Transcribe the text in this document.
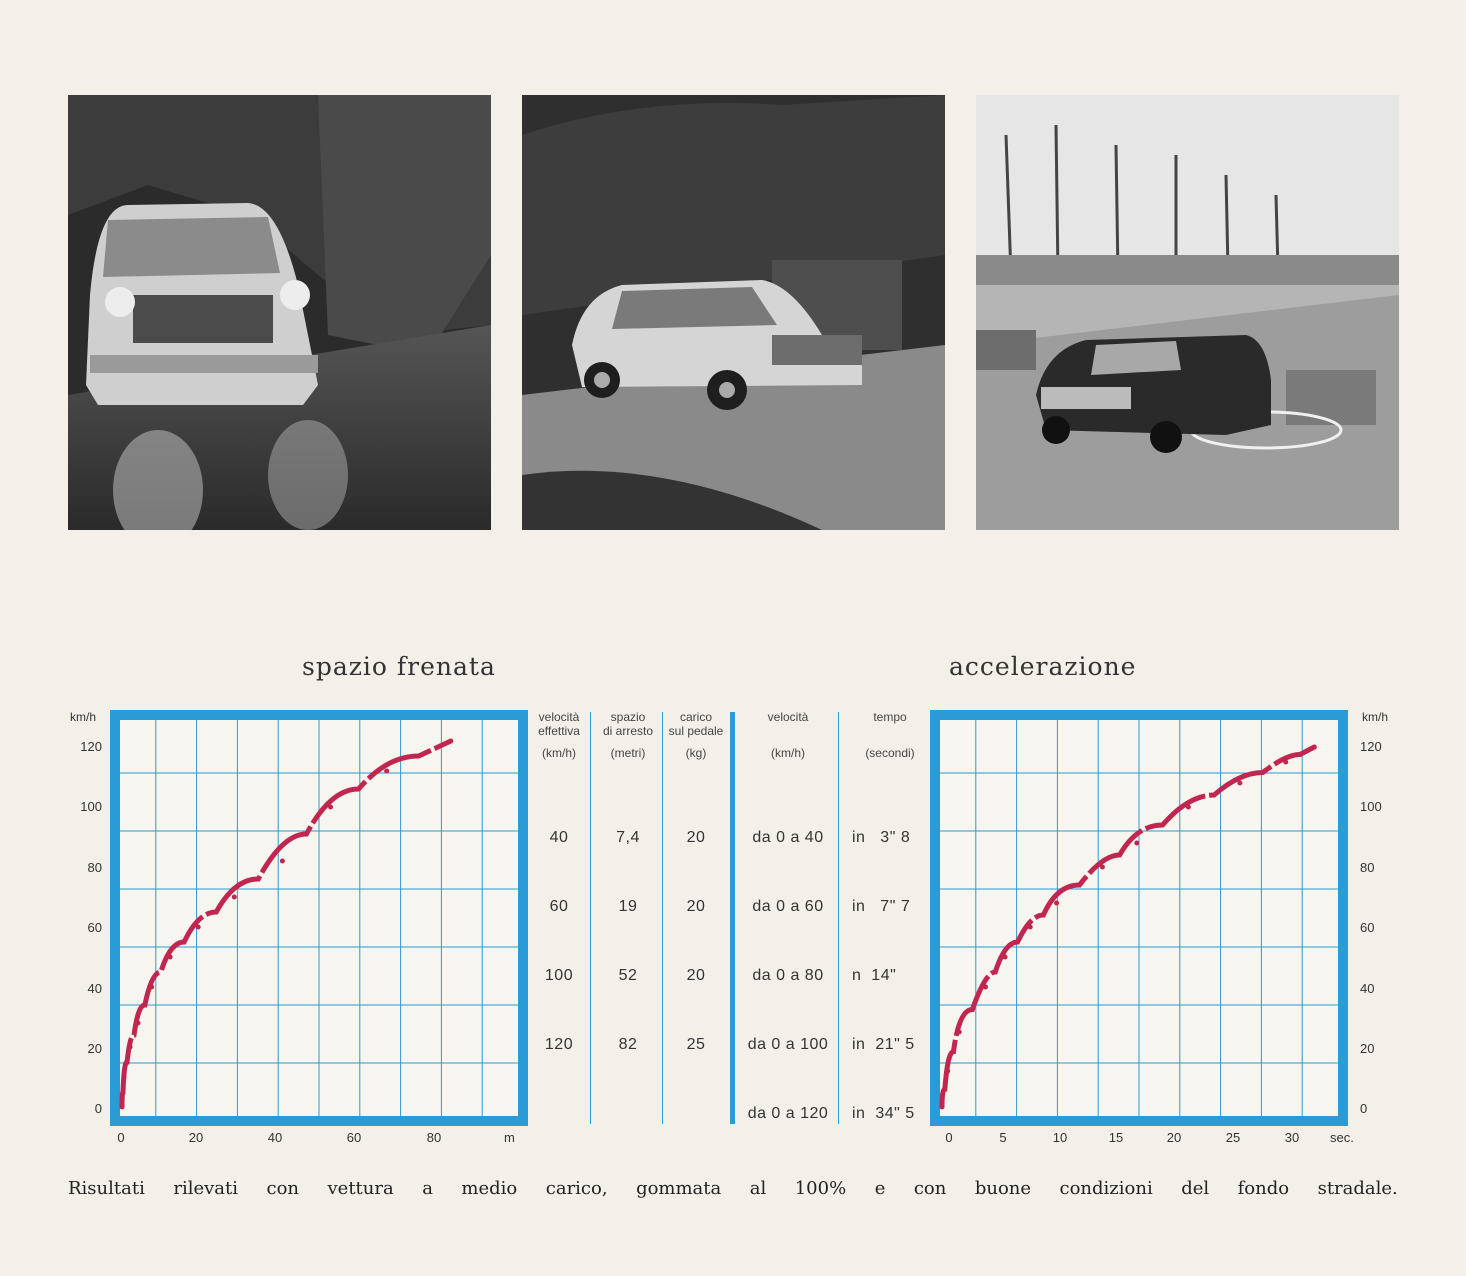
spazio frenata	accelerazione
km/h
120
100
80
60
40
20
0
0	20	40	60	80	m
km/h
120
100
80
60
40
20
0
0	5	10	15	20	25	30	sec.
velocità
effettiva
spazio
di arresto
carico
sul pedale
(km/h)	(metri)	(kg)
40	7,4	20
60	19	20
100	52	20
120	82	25
velocità	tempo
(km/h)	(secondi)
da 0 a 40	in   3" 8
da 0 a 60	in   7" 7
da 0 a 80	n  14"
da 0 a 100	in  21" 5
da 0 a 120	in  34" 5
Risultati rilevati con vettura a medio carico, gommata al 100% e con buone condizioni del fondo stradale.
